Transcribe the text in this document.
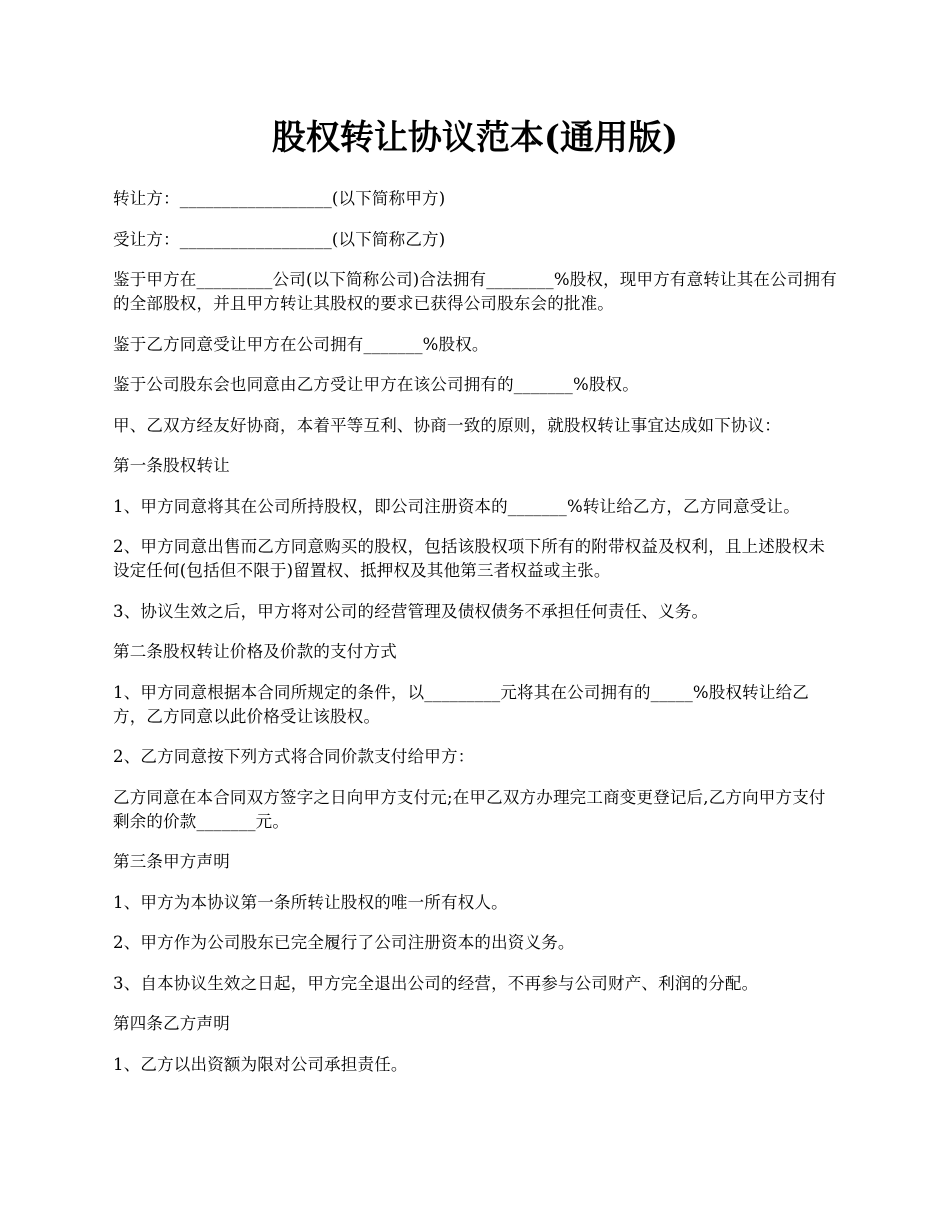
股权转让协议范本(通用版)

转让方：__________________(以下简称甲方)

受让方：__________________(以下简称乙方)

鉴于甲方在_________公司(以下简称公司)合法拥有________%股权，现甲方有意转让其在公司拥有的全部股权，并且甲方转让其股权的要求已获得公司股东会的批准。

鉴于乙方同意受让甲方在公司拥有_______%股权。

鉴于公司股东会也同意由乙方受让甲方在该公司拥有的_______%股权。

甲、乙双方经友好协商，本着平等互利、协商一致的原则，就股权转让事宜达成如下协议：

第一条股权转让

1、甲方同意将其在公司所持股权，即公司注册资本的_______%转让给乙方，乙方同意受让。

2、甲方同意出售而乙方同意购买的股权，包括该股权项下所有的附带权益及权利，且上述股权未设定任何(包括但不限于)留置权、抵押权及其他第三者权益或主张。

3、协议生效之后，甲方将对公司的经营管理及债权债务不承担任何责任、义务。

第二条股权转让价格及价款的支付方式

1、甲方同意根据本合同所规定的条件，以_________元将其在公司拥有的_____%股权转让给乙方，乙方同意以此价格受让该股权。

2、乙方同意按下列方式将合同价款支付给甲方：

乙方同意在本合同双方签字之日向甲方支付元;在甲乙双方办理完工商变更登记后,乙方向甲方支付剩余的价款_______元。

第三条甲方声明

1、甲方为本协议第一条所转让股权的唯一所有权人。

2、甲方作为公司股东已完全履行了公司注册资本的出资义务。

3、自本协议生效之日起，甲方完全退出公司的经营，不再参与公司财产、利润的分配。

第四条乙方声明

1、乙方以出资额为限对公司承担责任。
